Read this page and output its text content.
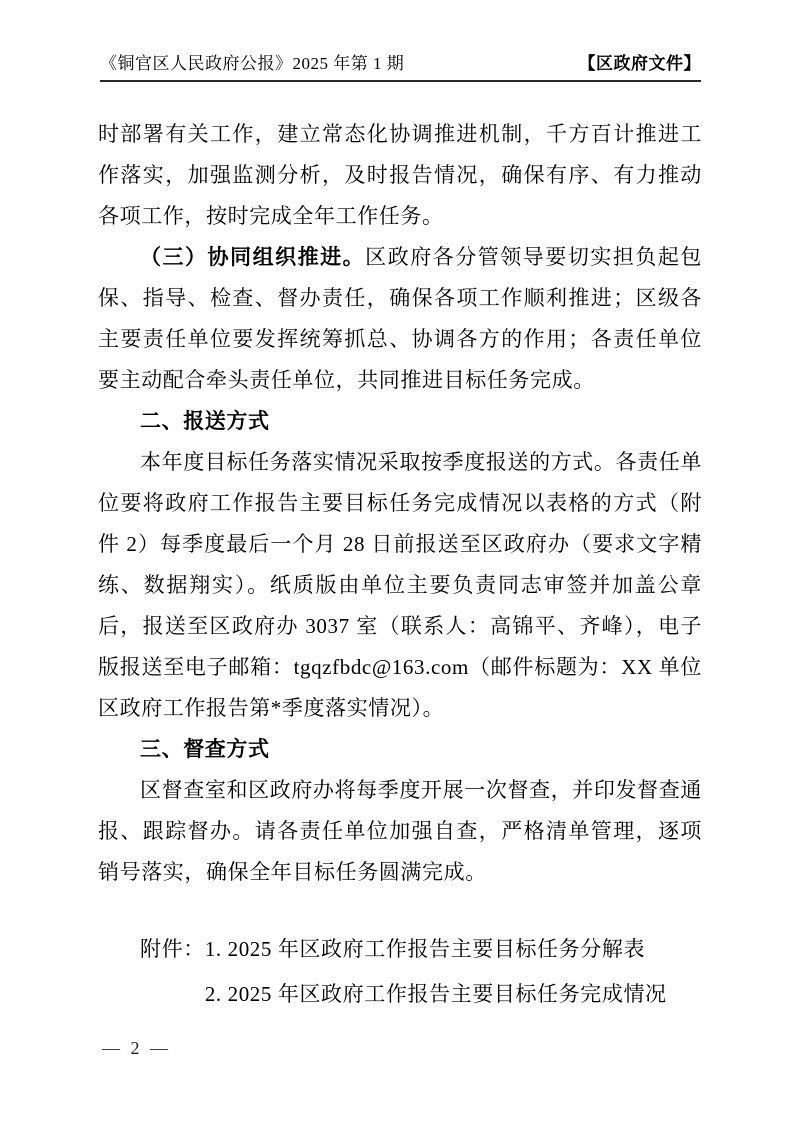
《铜官区人民政府公报》2025 年第 1 期	【区政府文件】

时部署有关工作，建立常态化协调推进机制，千方百计推进工作落实，加强监测分析，及时报告情况，确保有序、有力推动各项工作，按时完成全年工作任务。

（三）协同组织推进。区政府各分管领导要切实担负起包保、指导、检查、督办责任，确保各项工作顺利推进；区级各主要责任单位要发挥统筹抓总、协调各方的作用；各责任单位要主动配合牵头责任单位，共同推进目标任务完成。

二、报送方式

本年度目标任务落实情况采取按季度报送的方式。各责任单位要将政府工作报告主要目标任务完成情况以表格的方式（附件 2）每季度最后一个月 28 日前报送至区政府办（要求文字精练、数据翔实）。纸质版由单位主要负责同志审签并加盖公章后，报送至区政府办 3037 室（联系人：高锦平、齐峰），电子版报送至电子邮箱：tgqzfbdc@163.com（邮件标题为：XX 单位区政府工作报告第*季度落实情况）。

三、督查方式

区督查室和区政府办将每季度开展一次督查，并印发督查通报、跟踪督办。请各责任单位加强自查，严格清单管理，逐项销号落实，确保全年目标任务圆满完成。

附件： 1. 2025 年区政府工作报告主要目标任务分解表
2. 2025 年区政府工作报告主要目标任务完成情况
— 2 —
